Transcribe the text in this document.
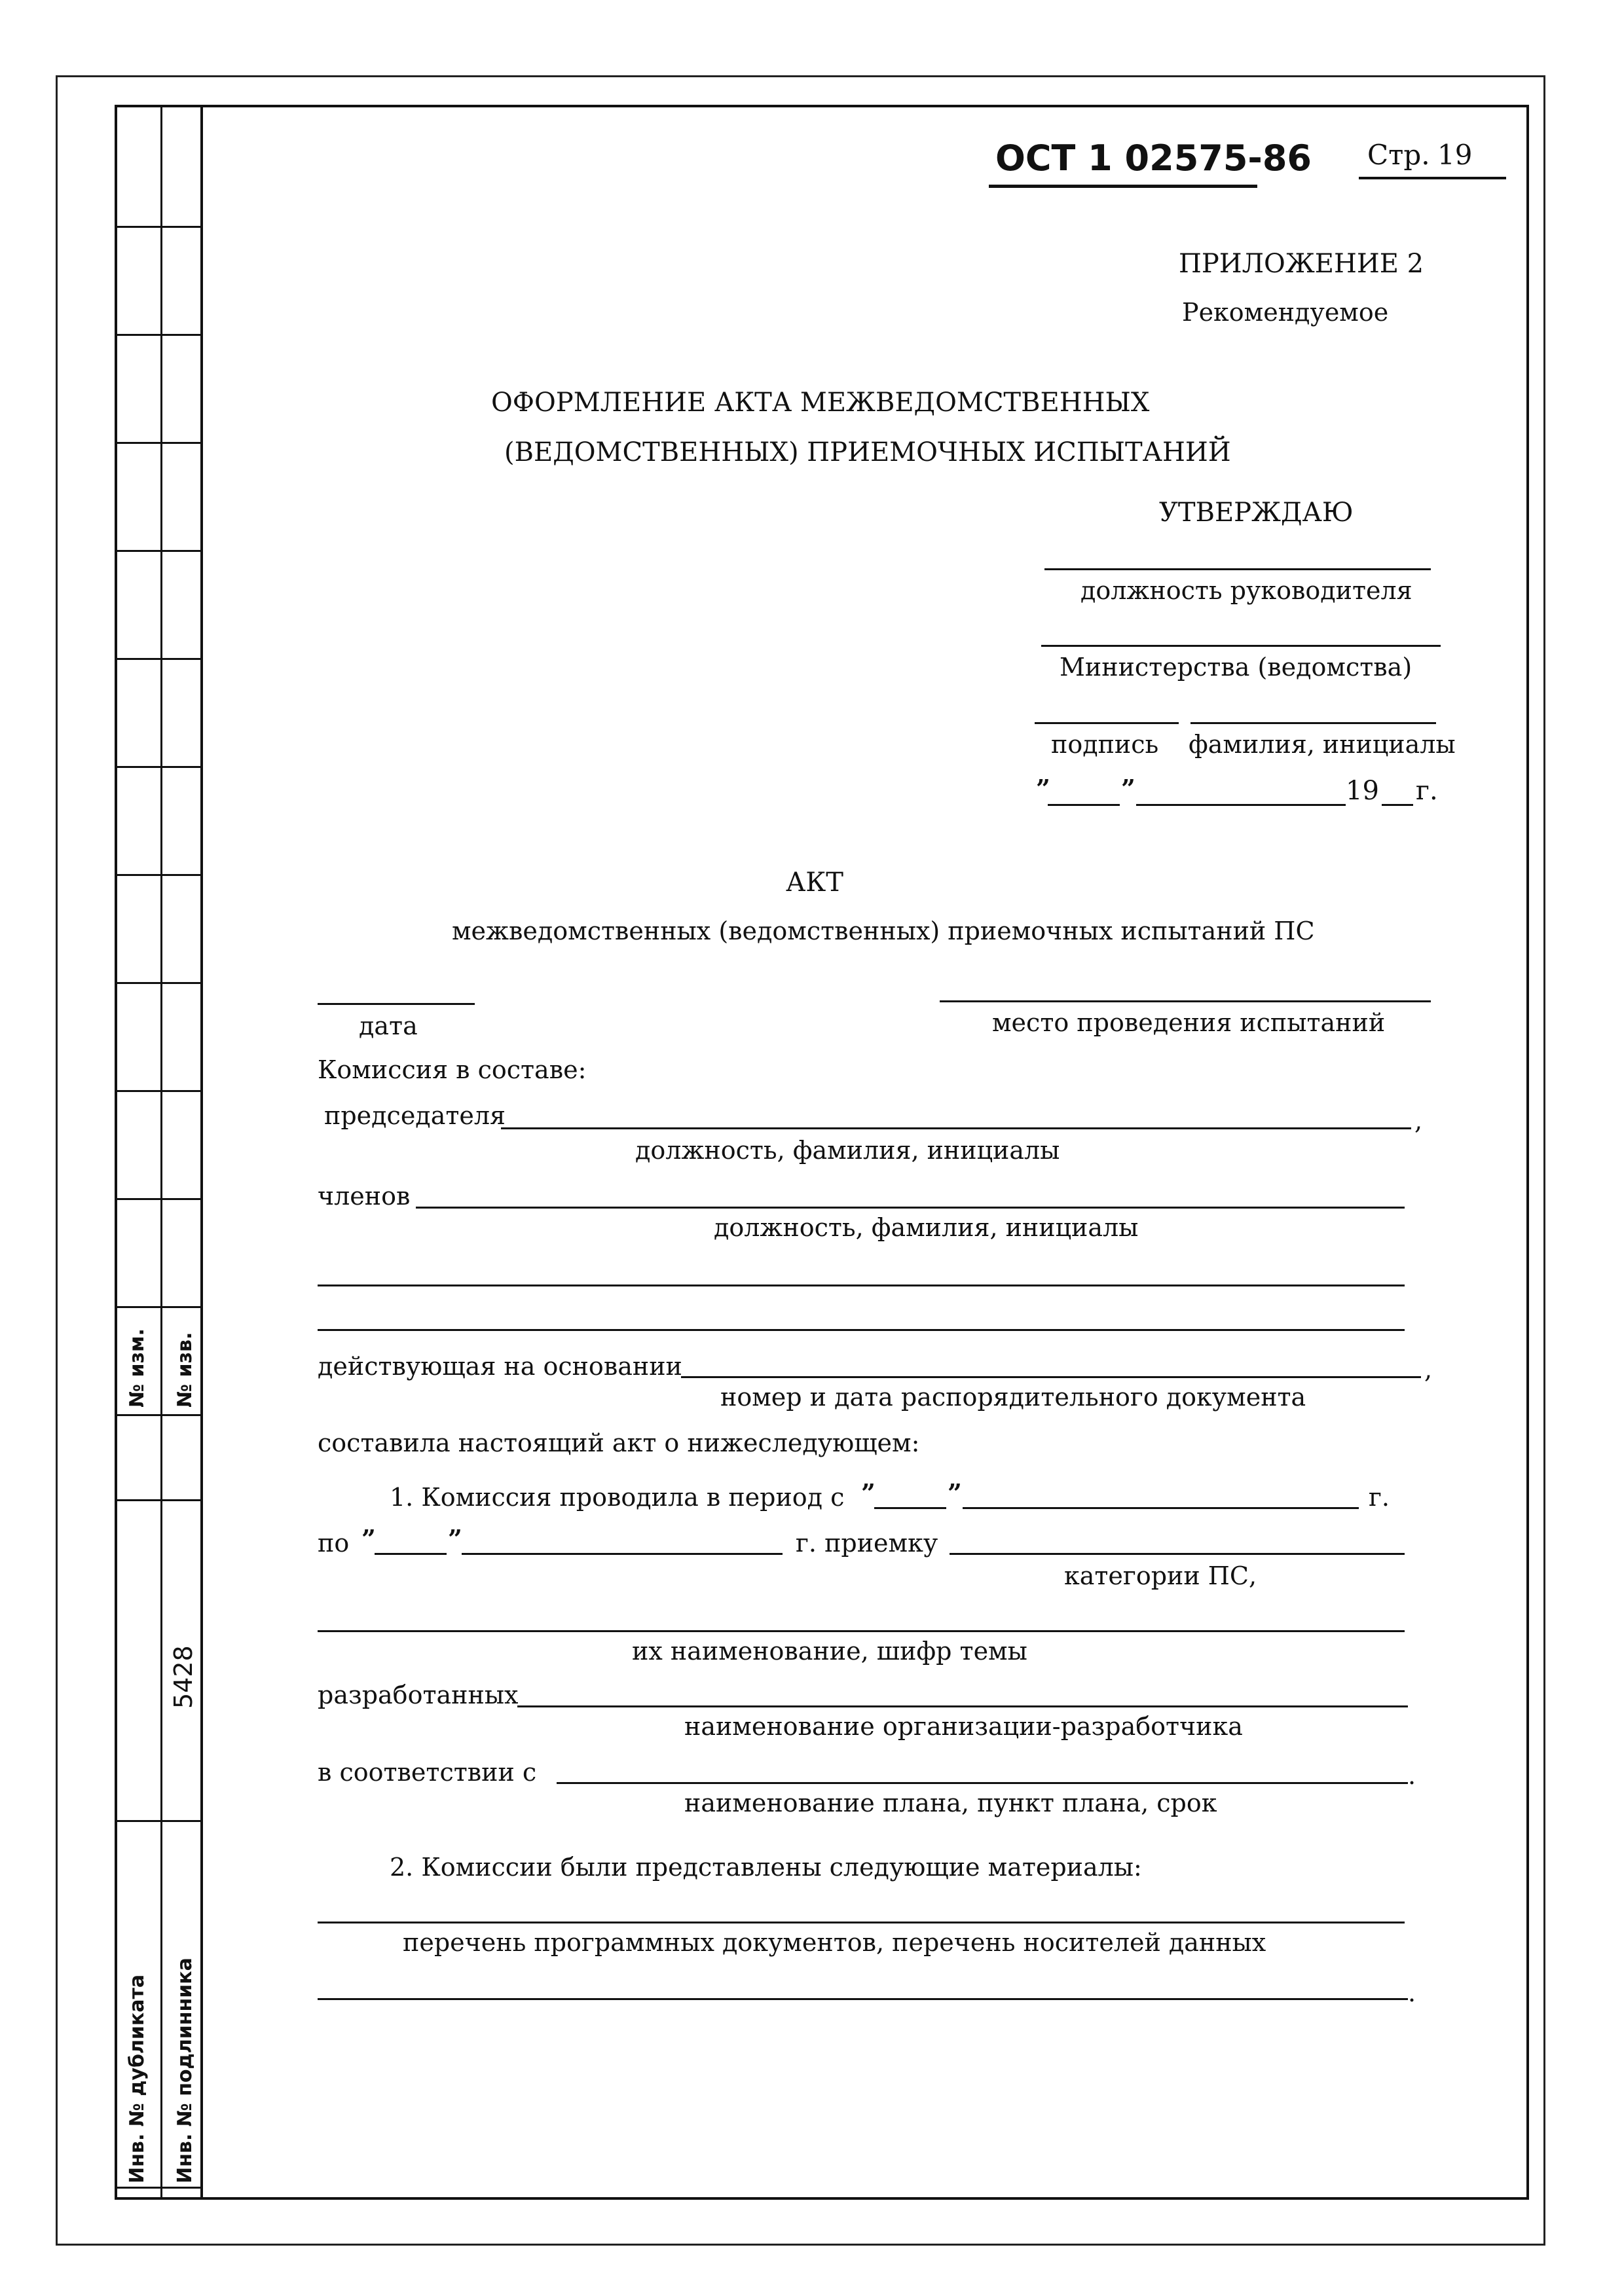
№ изм. № изв.
Инв. № дубликата Инв. № подлинника
5428
ОСТ 1 02575-86 Стр. 19
ПРИЛОЖЕНИЕ 2
Рекомендуемое
ОФОРМЛЕНИЕ АКТА МЕЖВЕДОМСТВЕННЫХ
(ВЕДОМСТВЕННЫХ) ПРИЕМОЧНЫХ ИСПЫТАНИЙ
УТВЕРЖДАЮ
должность руководителя
Министерства (ведомства)
подпись фамилия, инициалы
”	”	19 г.
АКТ
межведомственных (ведомственных) приемочных испытаний ПС
дата	место проведения испытаний
Комиссия в составе:
председателя	,
должность, фамилия, инициалы
членов
должность, фамилия, инициалы
действующая на основании	,
номер и дата распорядительного документа
составила настоящий акт о нижеследующем:
1. Комиссия проводила в период с ”	”	г.
по ”	”	г. приемку
категории ПС,
их наименование, шифр темы
разработанных
наименование организации-разработчика
в соответствии с	.
наименование плана, пункт плана, срок
2. Комиссии были представлены следующие материалы:
перечень программных документов, перечень носителей данных
.
